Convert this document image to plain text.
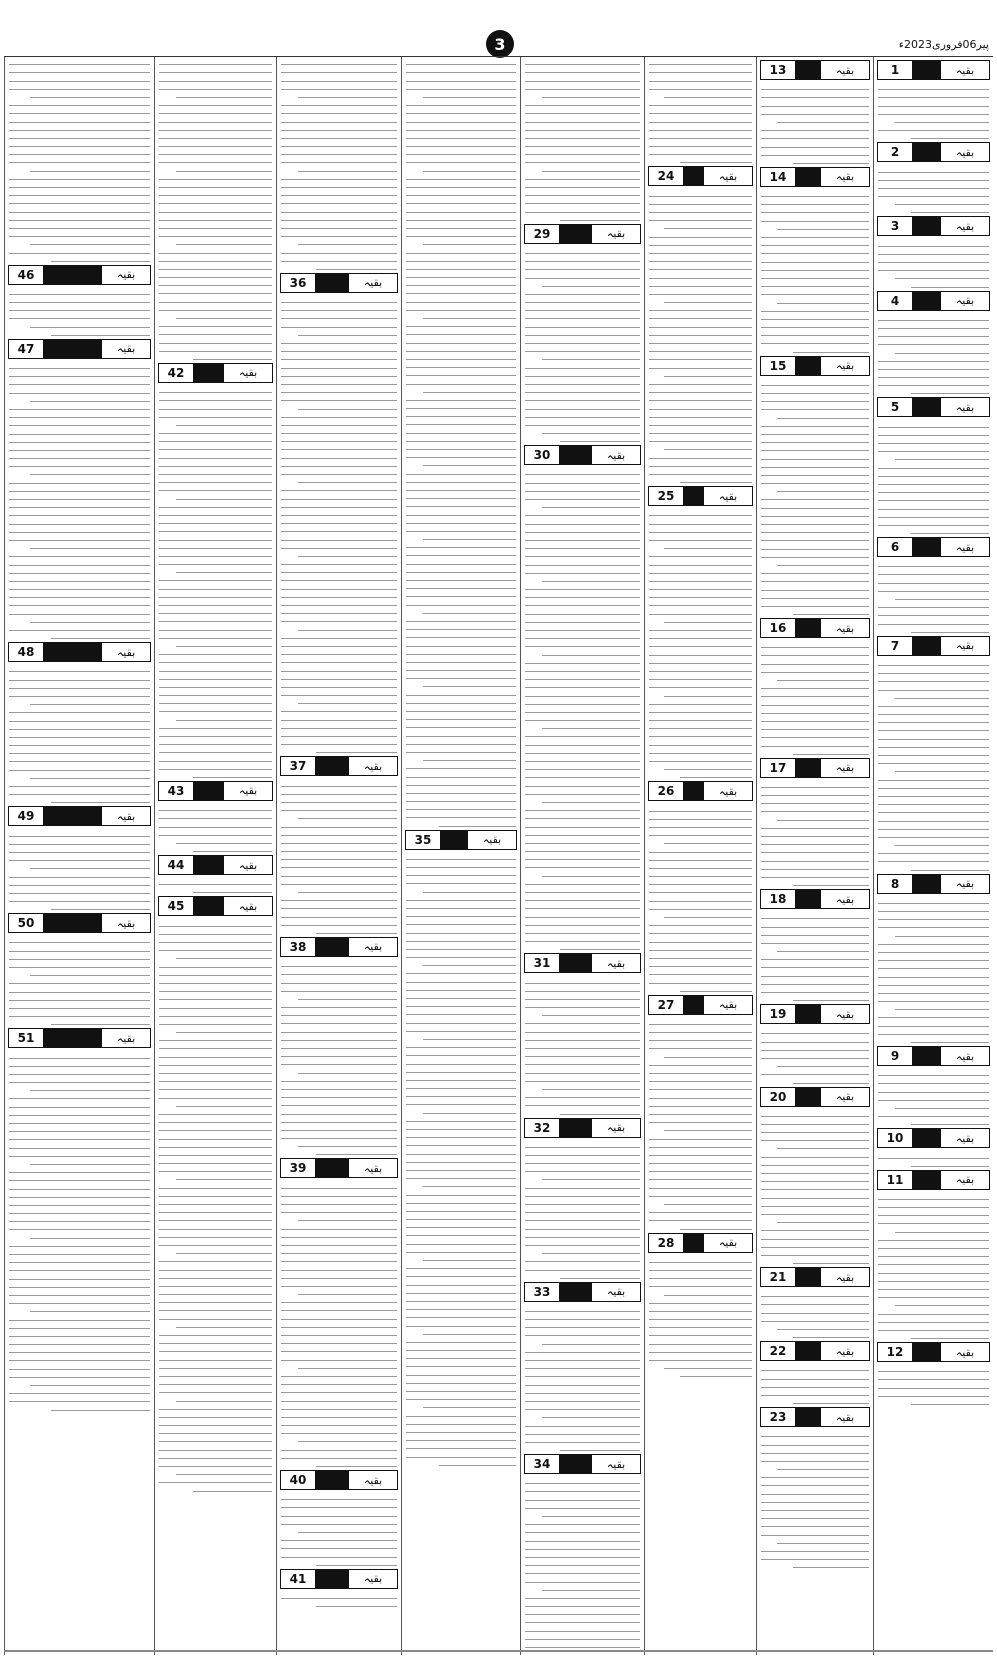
3	پیر06فروری2023ء
1	بقیہ
2	بقیہ
3	بقیہ
4	بقیہ
5	بقیہ
6	بقیہ
7	بقیہ
8	بقیہ
9	بقیہ
10	بقیہ
11	بقیہ
12	بقیہ
13	بقیہ
14	بقیہ
15	بقیہ
16	بقیہ
17	بقیہ
18	بقیہ
19	بقیہ
20	بقیہ
21	بقیہ
22	بقیہ
23	بقیہ
24	بقیہ
25	بقیہ
26	بقیہ
27	بقیہ
28	بقیہ
29	بقیہ
30	بقیہ
31	بقیہ
32	بقیہ
33	بقیہ
34	بقیہ
35	بقیہ
36	بقیہ
37	بقیہ
38	بقیہ
39	بقیہ
40	بقیہ
41	بقیہ
42	بقیہ
43	بقیہ
44	بقیہ
45	بقیہ
46	بقیہ
47	بقیہ
48	بقیہ
49	بقیہ
50	بقیہ
51	بقیہ
